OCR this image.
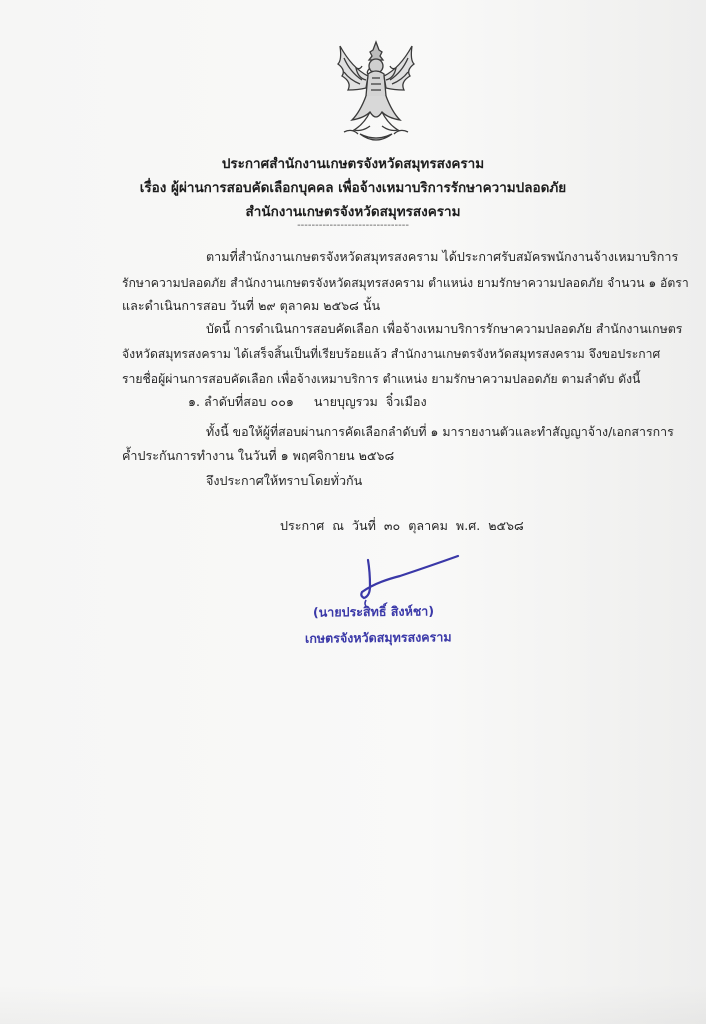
ประกาศสำนักงานเกษตรจังหวัดสมุทรสงคราม
เรื่อง ผู้ผ่านการสอบคัดเลือกบุคคล เพื่อจ้างเหมาบริการรักษาความปลอดภัย
สำนักงานเกษตรจังหวัดสมุทรสงคราม
-------------------------------
ตามที่สำนักงานเกษตรจังหวัดสมุทรสงคราม ได้ประกาศรับสมัครพนักงานจ้างเหมาบริการ
รักษาความปลอดภัย สำนักงานเกษตรจังหวัดสมุทรสงคราม ตำแหน่ง ยามรักษาความปลอดภัย จำนวน ๑ อัตรา
และดำเนินการสอบ วันที่ ๒๙ ตุลาคม ๒๕๖๘ นั้น
บัดนี้ การดำเนินการสอบคัดเลือก เพื่อจ้างเหมาบริการรักษาความปลอดภัย สำนักงานเกษตร
จังหวัดสมุทรสงคราม ได้เสร็จสิ้นเป็นที่เรียบร้อยแล้ว สำนักงานเกษตรจังหวัดสมุทรสงคราม จึงขอประกาศ
รายชื่อผู้ผ่านการสอบคัดเลือก เพื่อจ้างเหมาบริการ ตำแหน่ง ยามรักษาความปลอดภัย ตามลำดับ ดังนี้
๑. ลำดับที่สอบ ๐๐๑     นายบุญรวม  จิ๋วเมือง
ทั้งนี้ ขอให้ผู้ที่สอบผ่านการคัดเลือกลำดับที่ ๑ มารายงานตัวและทำสัญญาจ้าง/เอกสารการ
ค้ำประกันการทำงาน ในวันที่ ๑ พฤศจิกายน ๒๕๖๘
จึงประกาศให้ทราบโดยทั่วกัน
ประกาศ  ณ  วันที่  ๓๐  ตุลาคม  พ.ศ.  ๒๕๖๘
(นายประสิทธิ์ สิงห์ชา)
เกษตรจังหวัดสมุทรสงคราม
